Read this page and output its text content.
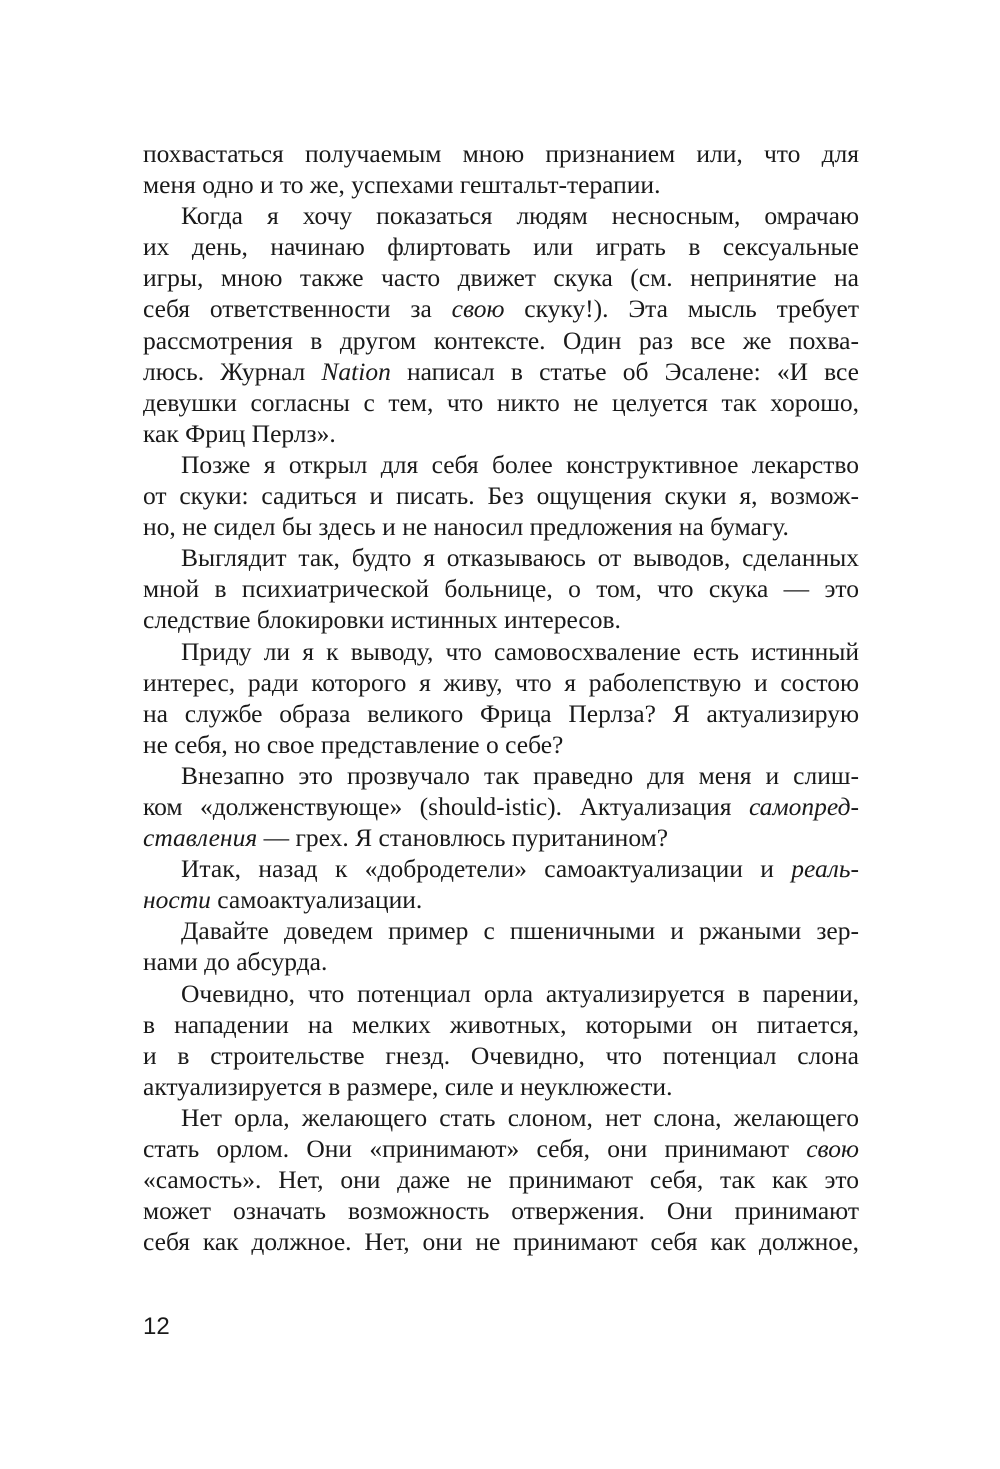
похвастаться получаемым мною признанием или, что для
меня одно и то же, успехами гештальт-терапии.
Когда я хочу показаться людям несносным, омрачаю
их день, начинаю флиртовать или играть в сексуальные
игры, мною также часто движет скука (см. непринятие на
себя ответственности за свою скуку!). Эта мысль требует
рассмотрения в другом контексте. Один раз все же похва-
люсь. Журнал Nation написал в статье об Эсалене: «И все
девушки согласны с тем, что никто не целуется так хорошо,
как Фриц Перлз».
Позже я открыл для себя более конструктивное лекарство
от скуки: садиться и писать. Без ощущения скуки я, возмож-
но, не сидел бы здесь и не наносил предложения на бумагу.
Выглядит так, будто я отказываюсь от выводов, сделанных
мной в психиатрической больнице, о том, что скука — это
следствие блокировки истинных интересов.
Приду ли я к выводу, что самовосхваление есть истинный
интерес, ради которого я живу, что я раболепствую и состою
на службе образа великого Фрица Перлза? Я актуализирую
не себя, но свое представление о себе?
Внезапно это прозвучало так праведно для меня и слиш-
ком «долженствующе» (should-istic). Актуализация самопред-
ставления — грех. Я становлюсь пуританином?
Итак, назад к «добродетели» самоактуализации и реаль-
ности самоактуализации.
Давайте доведем пример с пшеничными и ржаными зер-
нами до абсурда.
Очевидно, что потенциал орла актуализируется в парении,
в нападении на мелких животных, которыми он питается,
и в строительстве гнезд. Очевидно, что потенциал слона
актуализируется в размере, силе и неуклюжести.
Нет орла, желающего стать слоном, нет слона, желающего
стать орлом. Они «принимают» себя, они принимают свою
«самость». Нет, они даже не принимают себя, так как это
может означать возможность отвержения. Они принимают
себя как должное. Нет, они не принимают себя как должное,
12
